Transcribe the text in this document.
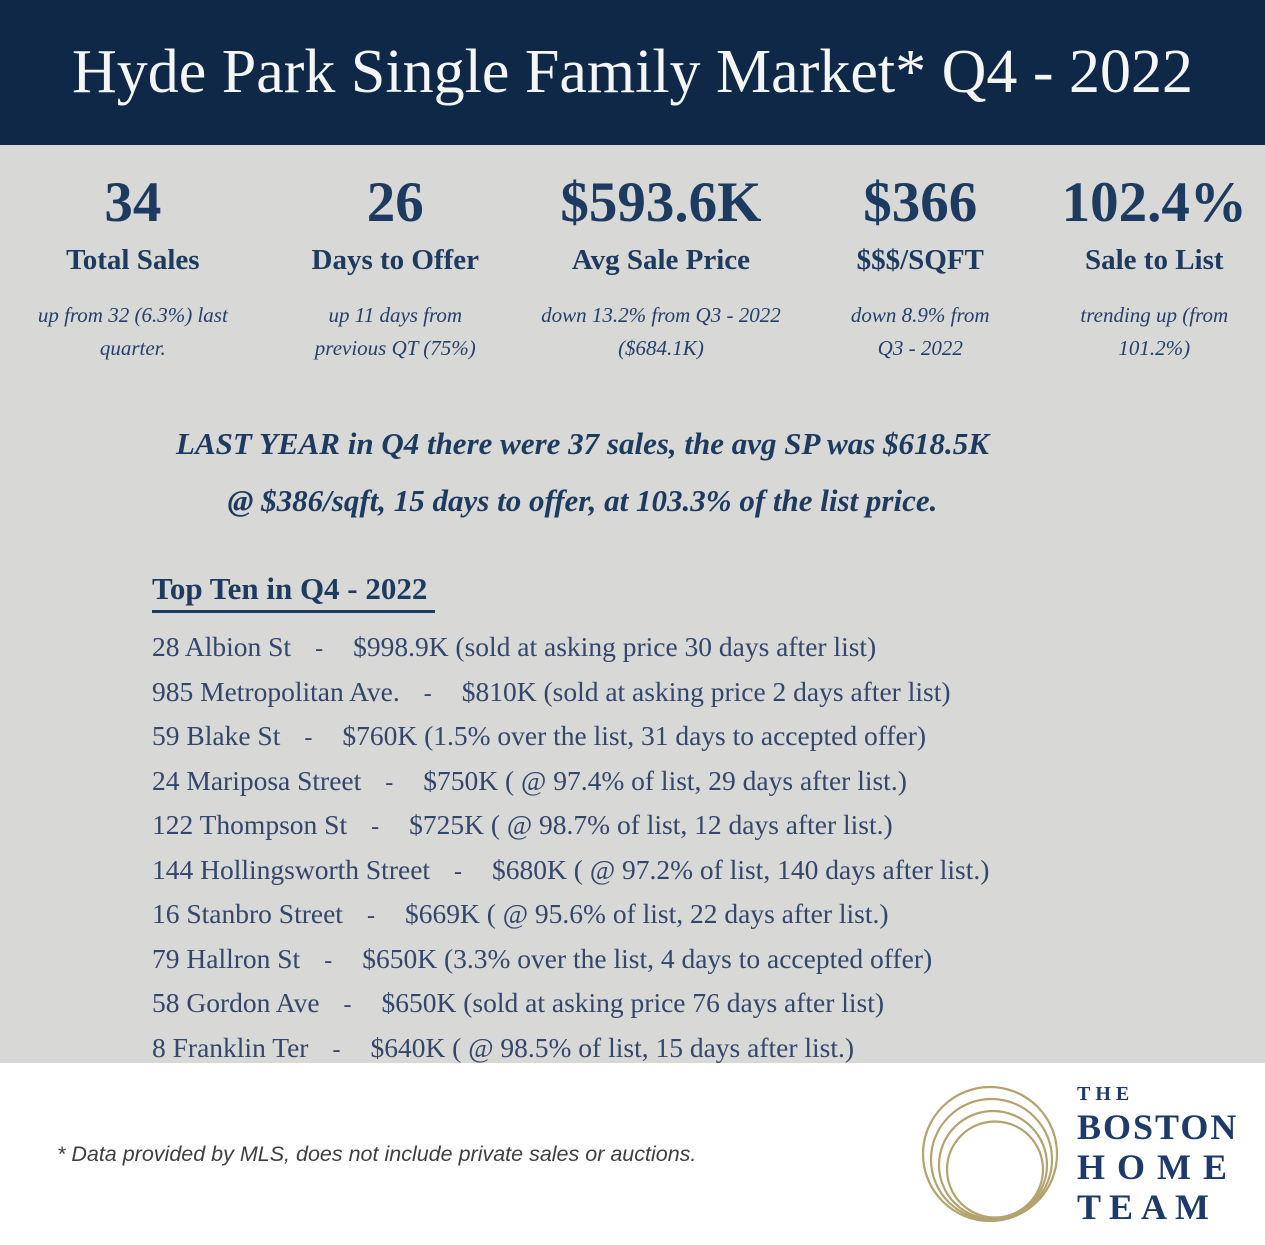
Hyde Park Single Family Market* Q4 - 2022
34
Total Sales
up from 32 (6.3%) last
quarter.
26
Days to Offer
up 11 days from
previous QT (75%)
$593.6K
Avg Sale Price
down 13.2% from Q3 - 2022
($684.1K)
$366
$$$/SQFT
down 8.9% from
Q3 - 2022
102.4%
Sale to List
trending up (from
101.2%)
LAST YEAR in Q4 there were 37 sales, the avg SP was $618.5K
@ $386/sqft, 15 days to offer, at 103.3% of the list price.
Top Ten in Q4 - 2022
28 Albion St - $998.9K (sold at asking price 30 days after list)
985 Metropolitan Ave. - $810K (sold at asking price 2 days after list)
59 Blake St - $760K (1.5% over the list, 31 days to accepted offer)
24 Mariposa Street - $750K ( @ 97.4% of list, 29 days after list.)
122 Thompson St - $725K ( @ 98.7% of list, 12 days after list.)
144 Hollingsworth Street - $680K ( @ 97.2% of list, 140 days after list.)
16 Stanbro Street - $669K ( @ 95.6% of list, 22 days after list.)
79 Hallron St - $650K (3.3% over the list, 4 days to accepted offer)
58 Gordon Ave - $650K (sold at asking price 76 days after list)
8 Franklin Ter - $640K ( @ 98.5% of list, 15 days after list.)
* Data provided by MLS, does not include private sales or auctions.
THE
BOSTON
HOME
TEAM
